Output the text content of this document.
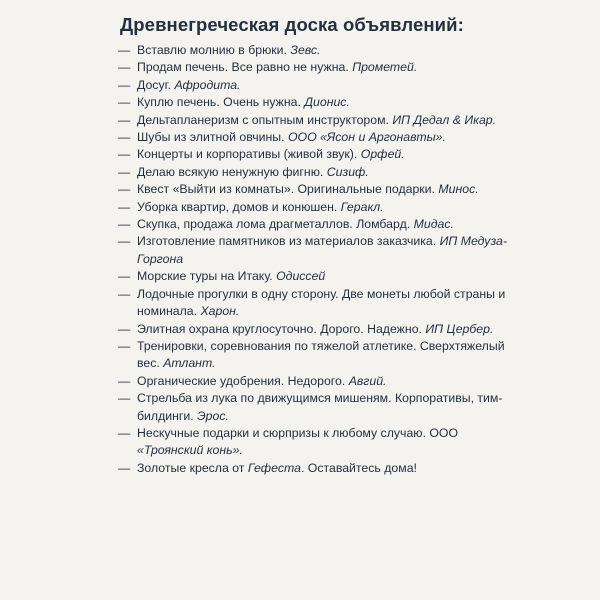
Древнегреческая доска объявлений:
— Вставлю молнию в брюки. Зевс.
— Продам печень. Все равно не нужна. Прометей.
— Досуг. Афродита.
— Куплю печень. Очень нужна. Дионис.
— Дельтапланеризм с опытным инструктором. ИП Дедал & Икар.
— Шубы из элитной овчины. ООО «Ясон и Аргонавты».
— Концерты и корпоративы (живой звук). Орфей.
— Делаю всякую ненужную фигню. Сизиф.
— Квест «Выйти из комнаты». Оригинальные подарки. Минос.
— Уборка квартир, домов и конюшен. Геракл.
— Скупка, продажа лома драгметаллов. Ломбард. Мидас.
— Изготовление памятников из материалов заказчика. ИП Медуза-Горгона
— Морские туры на Итаку. Одиссей
— Лодочные прогулки в одну сторону. Две монеты любой страны и номинала. Харон.
— Элитная охрана круглосуточно. Дорого. Надежно. ИП Цербер.
— Тренировки, соревнования по тяжелой атлетике. Сверхтяжелый вес. Атлант.
— Органические удобрения. Недорого. Авгий.
— Стрельба из лука по движущимся мишеням. Корпоративы, тим-билдинги. Эрос.
— Нескучные подарки и сюрпризы к любому случаю. ООО «Троянский конь».
— Золотые кресла от Гефеста. Оставайтесь дома!
